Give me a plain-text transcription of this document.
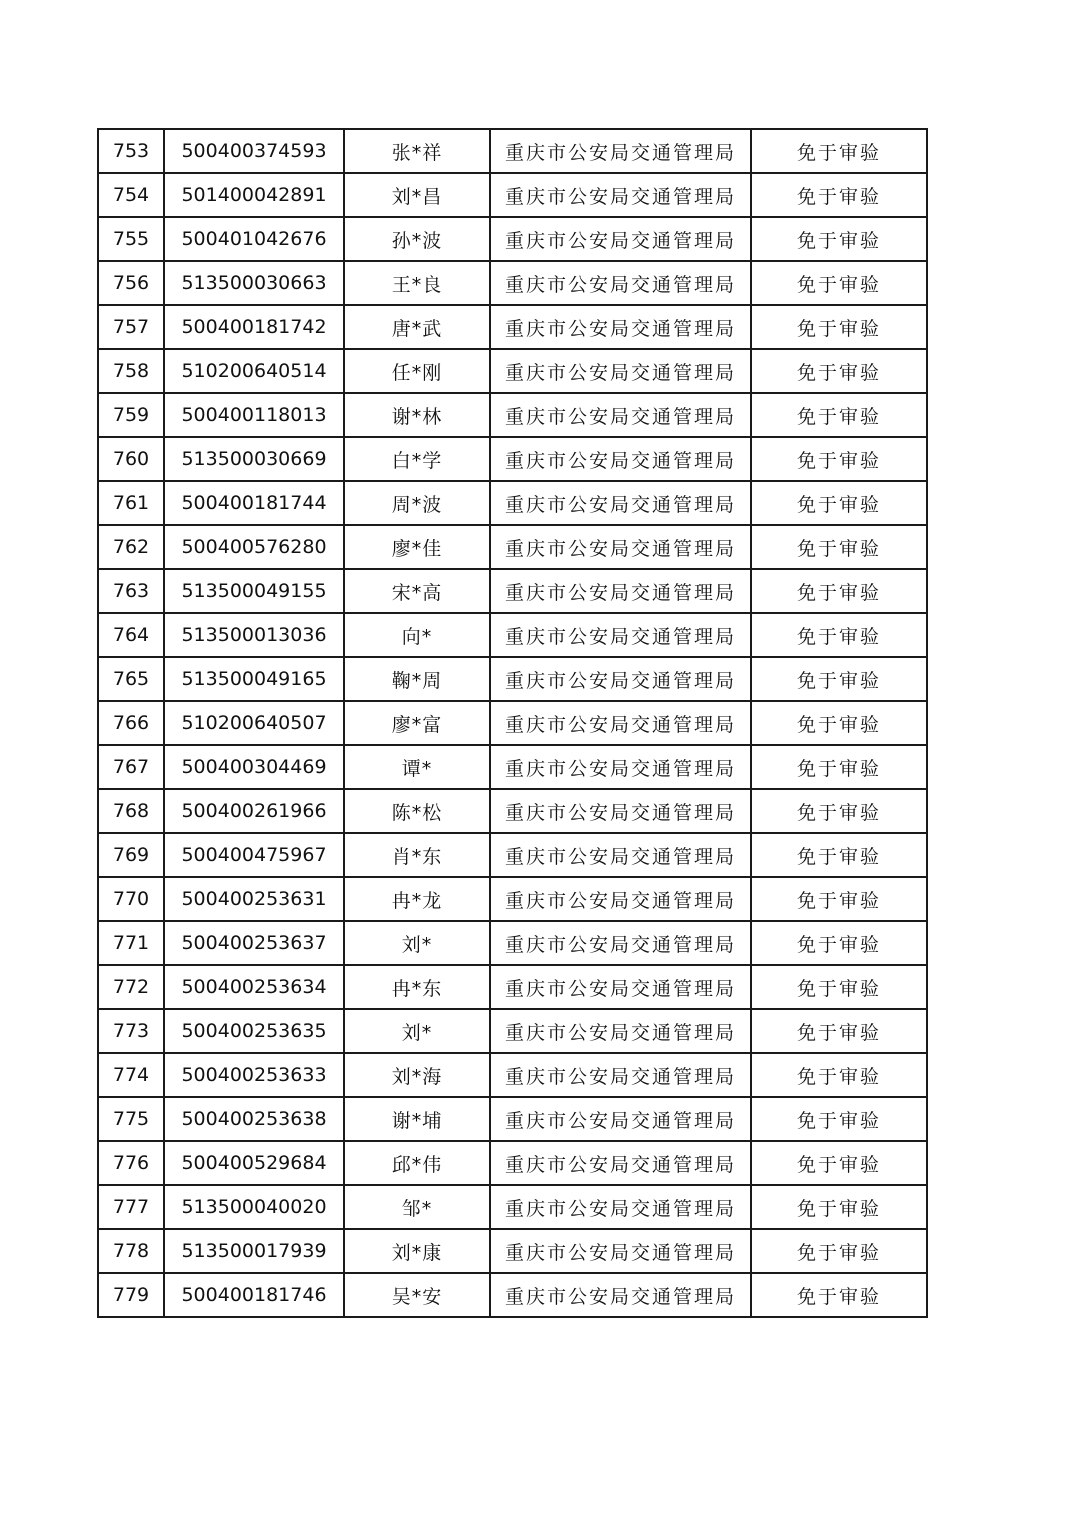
753	500400374593	张*祥	重庆市公安局交通管理局	免于审验
754	501400042891	刘*昌	重庆市公安局交通管理局	免于审验
755	500401042676	孙*波	重庆市公安局交通管理局	免于审验
756	513500030663	王*良	重庆市公安局交通管理局	免于审验
757	500400181742	唐*武	重庆市公安局交通管理局	免于审验
758	510200640514	任*刚	重庆市公安局交通管理局	免于审验
759	500400118013	谢*林	重庆市公安局交通管理局	免于审验
760	513500030669	白*学	重庆市公安局交通管理局	免于审验
761	500400181744	周*波	重庆市公安局交通管理局	免于审验
762	500400576280	廖*佳	重庆市公安局交通管理局	免于审验
763	513500049155	宋*高	重庆市公安局交通管理局	免于审验
764	513500013036	向*	重庆市公安局交通管理局	免于审验
765	513500049165	鞠*周	重庆市公安局交通管理局	免于审验
766	510200640507	廖*富	重庆市公安局交通管理局	免于审验
767	500400304469	谭*	重庆市公安局交通管理局	免于审验
768	500400261966	陈*松	重庆市公安局交通管理局	免于审验
769	500400475967	肖*东	重庆市公安局交通管理局	免于审验
770	500400253631	冉*龙	重庆市公安局交通管理局	免于审验
771	500400253637	刘*	重庆市公安局交通管理局	免于审验
772	500400253634	冉*东	重庆市公安局交通管理局	免于审验
773	500400253635	刘*	重庆市公安局交通管理局	免于审验
774	500400253633	刘*海	重庆市公安局交通管理局	免于审验
775	500400253638	谢*埔	重庆市公安局交通管理局	免于审验
776	500400529684	邱*伟	重庆市公安局交通管理局	免于审验
777	513500040020	邹*	重庆市公安局交通管理局	免于审验
778	513500017939	刘*康	重庆市公安局交通管理局	免于审验
779	500400181746	吴*安	重庆市公安局交通管理局	免于审验
